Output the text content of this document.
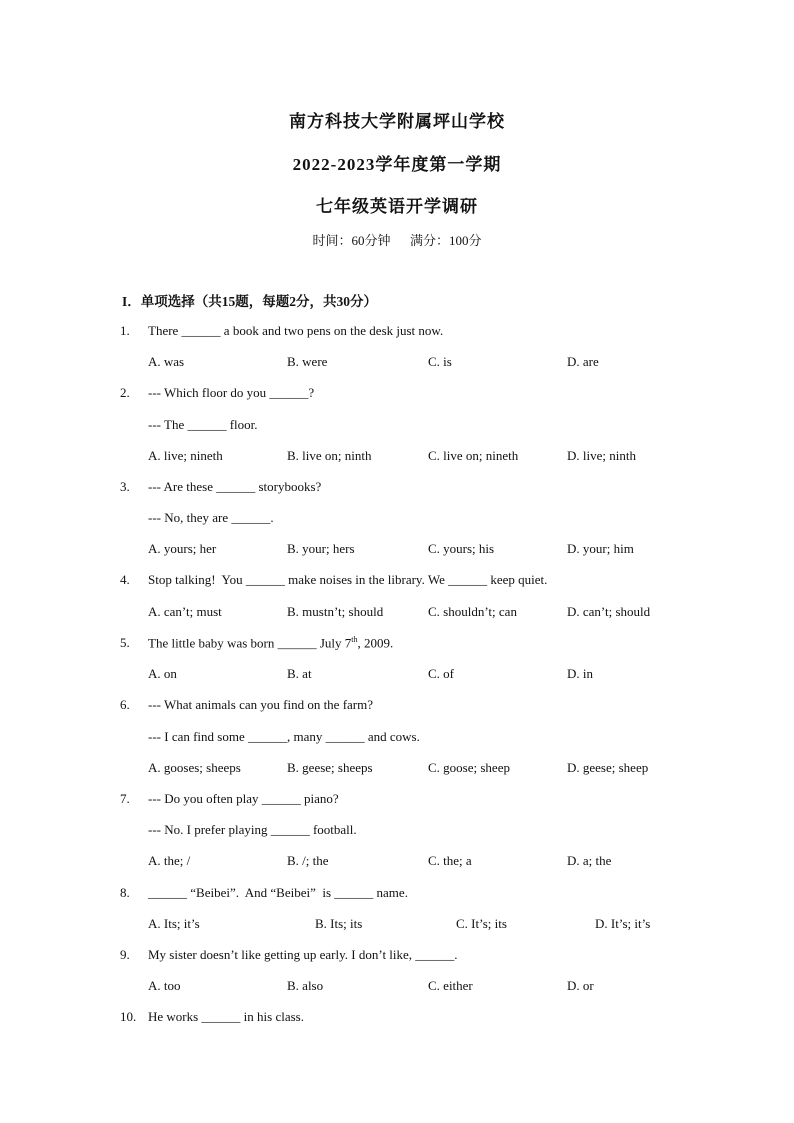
南方科技大学附属坪山学校
2022-2023学年度第一学期
七年级英语开学调研
时间：60分钟      满分：100分
I．单项选择（共15题，每题2分，共30分）
1. There ______ a book and two pens on the desk just now.
A. was	B. were	C. is	D. are
2. --- Which floor do you ______?
--- The ______ floor.
A. live; nineth	B. live on; ninth	C. live on; nineth	D. live; ninth
3. --- Are these ______ storybooks?
--- No, they are ______.
A. yours; her	B. your; hers	C. yours; his	D. your; him
4. Stop talking!  You ______ make noises in the library. We ______ keep quiet.
A. can’t; must	B. mustn’t; should	C. shouldn’t; can	D. can’t; should
5. The little baby was born ______ July 7th, 2009.
A. on	B. at	C. of	D. in
6. --- What animals can you find on the farm?
--- I can find some ______, many ______ and cows.
A. gooses; sheeps	B. geese; sheeps	C. goose; sheep	D. geese; sheep
7. --- Do you often play ______ piano?
--- No. I prefer playing ______ football.
A. the; /	B. /; the	C. the; a	D. a; the
8. ______ “Beibei”.  And “Beibei”  is ______ name.
A. Its; it’s	B. Its; its	C. It’s; its	D. It’s; it’s
9. My sister doesn’t like getting up early. I don’t like, ______.
A. too	B. also	C. either	D. or
10. He works ______ in his class.
